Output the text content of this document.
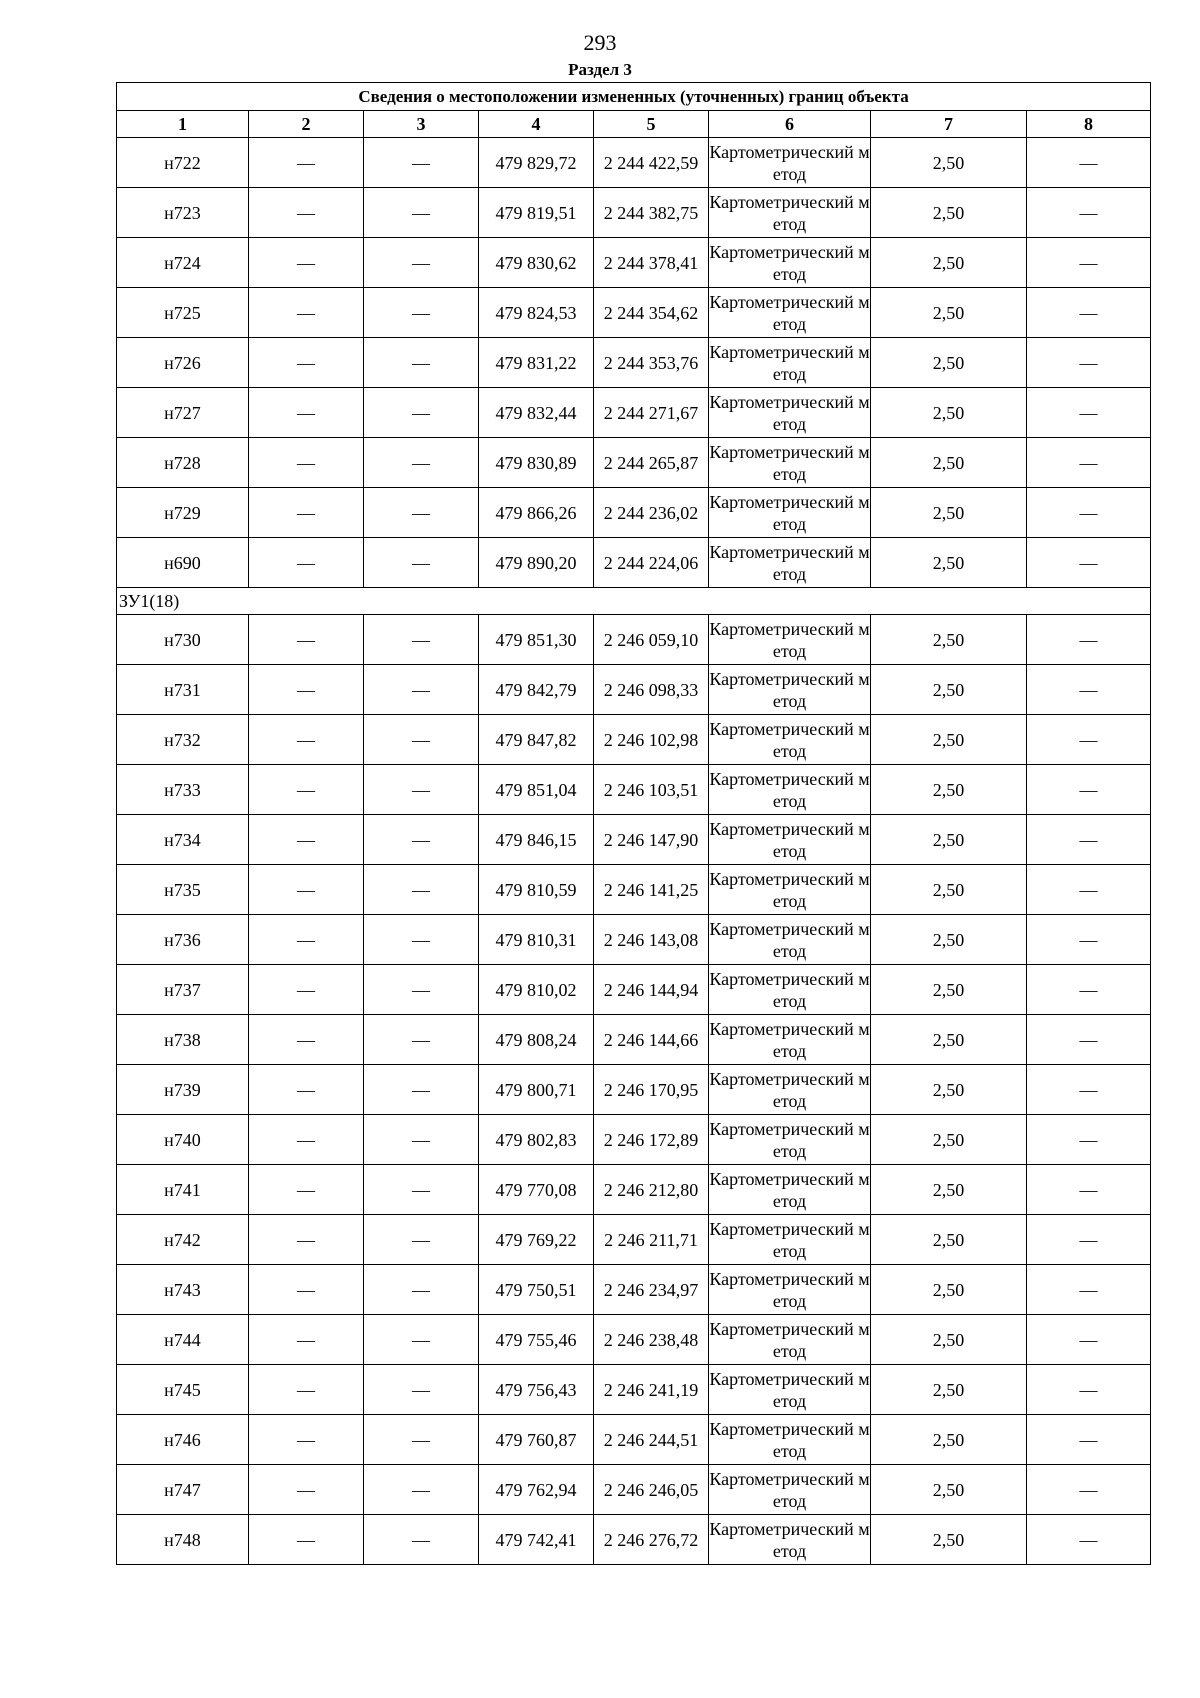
293
Раздел 3
Сведения о местоположении измененных (уточненных) границ объекта							
1	2	3	4	5	6	7	8
н722	—	—	479 829,72	2 244 422,59	Картометрический метод	2,50	—
н723	—	—	479 819,51	2 244 382,75	Картометрический метод	2,50	—
н724	—	—	479 830,62	2 244 378,41	Картометрический метод	2,50	—
н725	—	—	479 824,53	2 244 354,62	Картометрический метод	2,50	—
н726	—	—	479 831,22	2 244 353,76	Картометрический метод	2,50	—
н727	—	—	479 832,44	2 244 271,67	Картометрический метод	2,50	—
н728	—	—	479 830,89	2 244 265,87	Картометрический метод	2,50	—
н729	—	—	479 866,26	2 244 236,02	Картометрический метод	2,50	—
н690	—	—	479 890,20	2 244 224,06	Картометрический метод	2,50	—
ЗУ1(18)							
н730	—	—	479 851,30	2 246 059,10	Картометрический метод	2,50	—
н731	—	—	479 842,79	2 246 098,33	Картометрический метод	2,50	—
н732	—	—	479 847,82	2 246 102,98	Картометрический метод	2,50	—
н733	—	—	479 851,04	2 246 103,51	Картометрический метод	2,50	—
н734	—	—	479 846,15	2 246 147,90	Картометрический метод	2,50	—
н735	—	—	479 810,59	2 246 141,25	Картометрический метод	2,50	—
н736	—	—	479 810,31	2 246 143,08	Картометрический метод	2,50	—
н737	—	—	479 810,02	2 246 144,94	Картометрический метод	2,50	—
н738	—	—	479 808,24	2 246 144,66	Картометрический метод	2,50	—
н739	—	—	479 800,71	2 246 170,95	Картометрический метод	2,50	—
н740	—	—	479 802,83	2 246 172,89	Картометрический метод	2,50	—
н741	—	—	479 770,08	2 246 212,80	Картометрический метод	2,50	—
н742	—	—	479 769,22	2 246 211,71	Картометрический метод	2,50	—
н743	—	—	479 750,51	2 246 234,97	Картометрический метод	2,50	—
н744	—	—	479 755,46	2 246 238,48	Картометрический метод	2,50	—
н745	—	—	479 756,43	2 246 241,19	Картометрический метод	2,50	—
н746	—	—	479 760,87	2 246 244,51	Картометрический метод	2,50	—
н747	—	—	479 762,94	2 246 246,05	Картометрический метод	2,50	—
н748	—	—	479 742,41	2 246 276,72	Картометрический метод	2,50	—
